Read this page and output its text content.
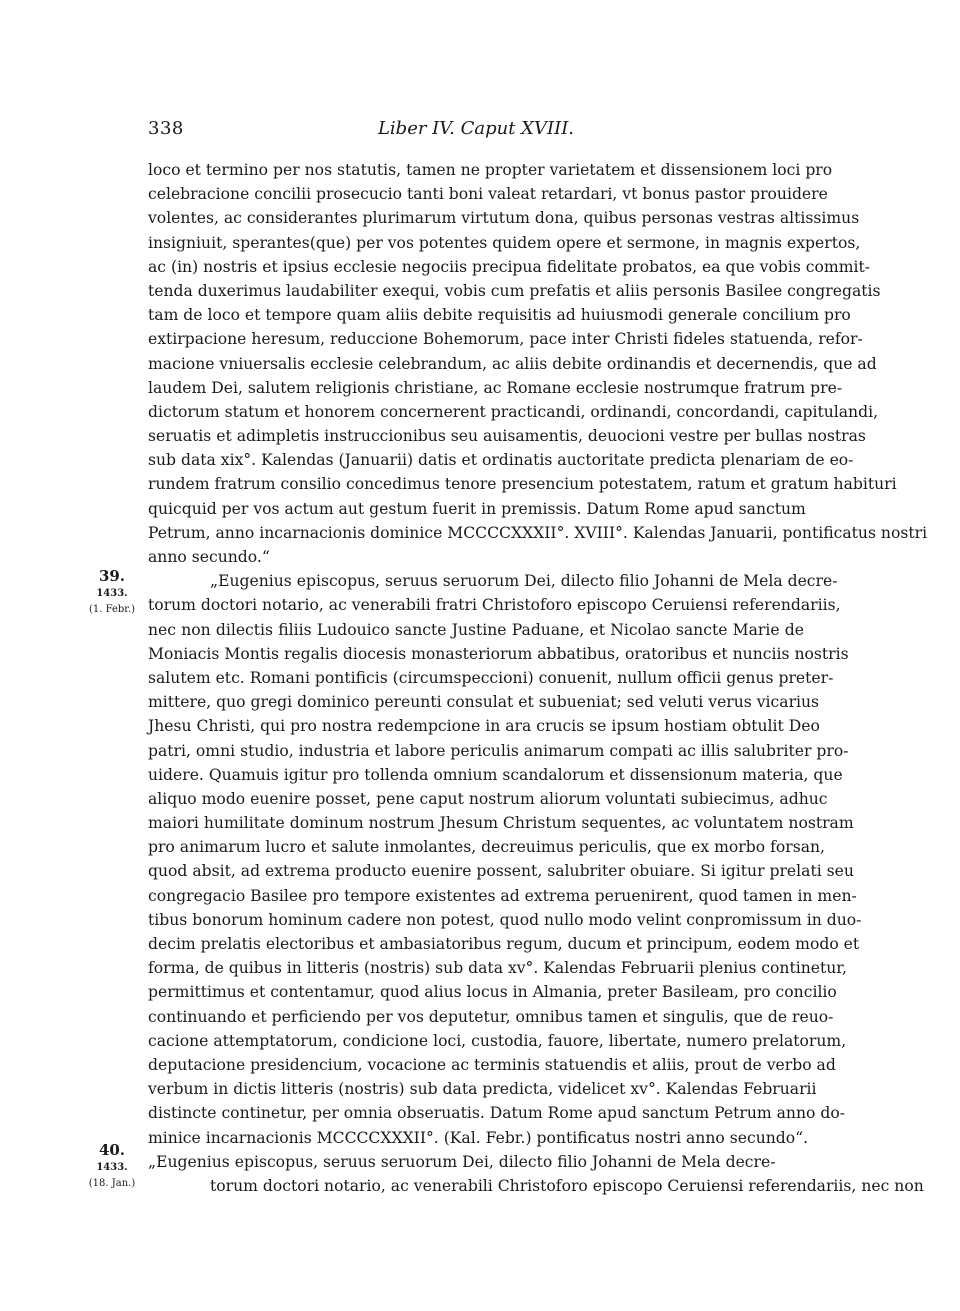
338	Liber IV. Caput XVIII.
loco et termino per nos statutis, tamen ne propter varietatem et dissensionem loci pro
celebracione concilii prosecucio tanti boni valeat retardari, vt bonus pastor prouidere
volentes, ac considerantes plurimarum virtutum dona, quibus personas vestras altissimus
insigniuit, sperantes(que) per vos potentes quidem opere et sermone, in magnis expertos,
ac (in) nostris et ipsius ecclesie negociis precipua fidelitate probatos, ea que vobis commit-
tenda duxerimus laudabiliter exequi, vobis cum prefatis et aliis personis Basilee congregatis
tam de loco et tempore quam aliis debite requisitis ad huiusmodi generale concilium pro
extirpacione heresum, reduccione Bohemorum, pace inter Christi fideles statuenda, refor-
macione vniuersalis ecclesie celebrandum, ac aliis debite ordinandis et decernendis, que ad
laudem Dei, salutem religionis christiane, ac Romane ecclesie nostrumque fratrum pre-
dictorum statum et honorem concernerent practicandi, ordinandi, concordandi, capitulandi,
seruatis et adimpletis instruccionibus seu auisamentis, deuocioni vestre per bullas nostras
sub data xix°. Kalendas (Januarii) datis et ordinatis auctoritate predicta plenariam de eo-
rundem fratrum consilio concedimus tenore presencium potestatem, ratum et gratum habituri
quicquid per vos actum aut gestum fuerit in premissis. Datum Rome apud sanctum
Petrum, anno incarnacionis dominice MCCCCXXXII°. XVIII°. Kalendas Januarii, pontificatus nostri
anno secundo.“
„Eugenius episcopus, seruus seruorum Dei, dilecto filio Johanni de Mela decre-
torum doctori notario, ac venerabili fratri Christoforo episcopo Ceruiensi referendariis,
nec non dilectis filiis Ludouico sancte Justine Paduane, et Nicolao sancte Marie de
Moniacis Montis regalis diocesis monasteriorum abbatibus, oratoribus et nunciis nostris
salutem etc. Romani pontificis (circumspeccioni) conuenit, nullum officii genus preter-
mittere, quo gregi dominico pereunti consulat et subueniat; sed veluti verus vicarius
Jhesu Christi, qui pro nostra redempcione in ara crucis se ipsum hostiam obtulit Deo
patri, omni studio, industria et labore periculis animarum compati ac illis salubriter pro-
uidere. Quamuis igitur pro tollenda omnium scandalorum et dissensionum materia, que
aliquo modo euenire posset, pene caput nostrum aliorum voluntati subiecimus, adhuc
maiori humilitate dominum nostrum Jhesum Christum sequentes, ac voluntatem nostram
pro animarum lucro et salute inmolantes, decreuimus periculis, que ex morbo forsan,
quod absit, ad extrema producto euenire possent, salubriter obuiare. Si igitur prelati seu
congregacio Basilee pro tempore existentes ad extrema peruenirent, quod tamen in men-
tibus bonorum hominum cadere non potest, quod nullo modo velint conpromissum in duo-
decim prelatis electoribus et ambasiatoribus regum, ducum et principum, eodem modo et
forma, de quibus in litteris (nostris) sub data xv°. Kalendas Februarii plenius continetur,
permittimus et contentamur, quod alius locus in Almania, preter Basileam, pro concilio
continuando et perficiendo per vos deputetur, omnibus tamen et singulis, que de reuo-
cacione attemptatorum, condicione loci, custodia, fauore, libertate, numero prelatorum,
deputacione presidencium, vocacione ac terminis statuendis et aliis, prout de verbo ad
verbum in dictis litteris (nostris) sub data predicta, videlicet xv°. Kalendas Februarii
distincte continetur, per omnia obseruatis. Datum Rome apud sanctum Petrum anno do-
minice incarnacionis MCCCCXXXII°. (Kal. Febr.) pontificatus nostri anno secundo“.
„Eugenius episcopus, seruus seruorum Dei, dilecto filio Johanni de Mela decre-
torum doctori notario, ac venerabili Christoforo episcopo Ceruiensi referendariis, nec non
39.
1433.
(1. Febr.)
40.
1433.
(18. Jan.)
